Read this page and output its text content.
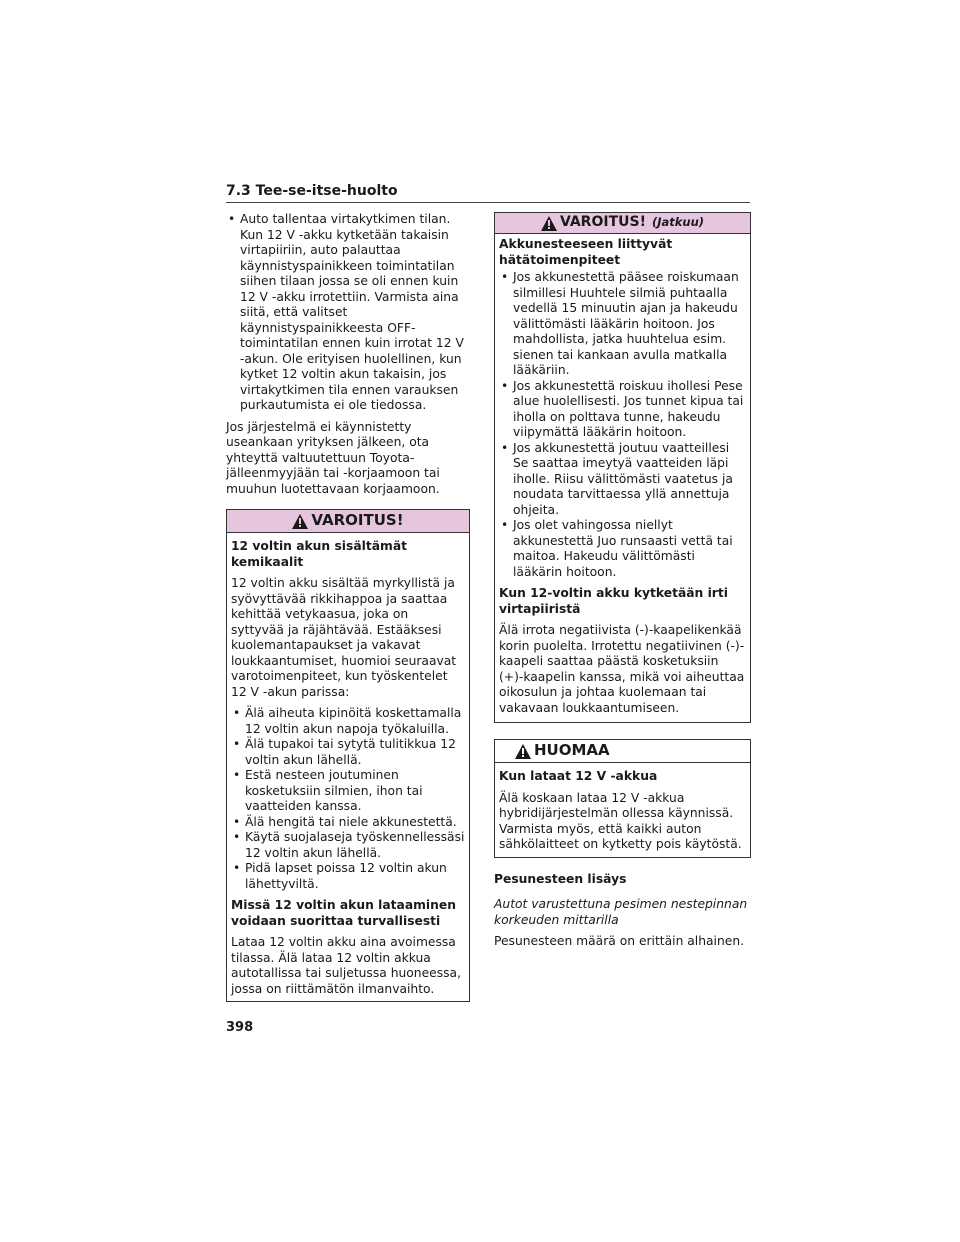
7.3 Tee-se-itse-huolto
• Auto tallentaa virtakytkimen tilan. Kun 12 V -akku kytketään takaisin virtapiiriin, auto palauttaa käynnistyspainikkeen toimintatilan siihen tilaan jossa se oli ennen kuin 12 V -akku irrotettiin. Varmista aina siitä, että valitset käynnistyspainikkeesta OFF-toimintatilan ennen kuin irrotat 12 V -akun. Ole erityisen huolellinen, kun kytket 12 voltin akun takaisin, jos virtakytkimen tila ennen varauksen purkautumista ei ole tiedossa.

Jos järjestelmä ei käynnistetty useankaan yrityksen jälkeen, ota yhteyttä valtuutettuun Toyota-jälleenmyyjään tai -korjaamoon tai muuhun luotettavaan korjaamoon.

VAROITUS!

12 voltin akun sisältämät kemikaalit

12 voltin akku sisältää myrkyllistä ja syövyttävää rikkihappoa ja saattaa kehittää vetykaasua, joka on syttyvää ja räjähtävää. Estääksesi kuolemantapaukset ja vakavat loukkaantumiset, huomioi seuraavat varotoimenpiteet, kun työskentelet 12 V -akun parissa:

• Älä aiheuta kipinöitä koskettamalla 12 voltin akun napoja työkaluilla.
• Älä tupakoi tai sytytä tulitikkua 12 voltin akun lähellä.
• Estä nesteen joutuminen kosketuksiin silmien, ihon tai vaatteiden kanssa.
• Älä hengitä tai niele akkunestettä.
• Käytä suojalaseja työskennellessäsi 12 voltin akun lähellä.
• Pidä lapset poissa 12 voltin akun lähettyviltä.

Missä 12 voltin akun lataaminen voidaan suorittaa turvallisesti

Lataa 12 voltin akku aina avoimessa tilassa. Älä lataa 12 voltin akkua autotallissa tai suljetussa huoneessa, jossa on riittämätön ilmanvaihto.

VAROITUS! (Jatkuu)

Akkunesteeseen liittyvät hätätoimenpiteet

• Jos akkunestettä pääsee roiskumaan silmillesi Huuhtele silmiä puhtaalla vedellä 15 minuutin ajan ja hakeudu välittömästi lääkärin hoitoon. Jos mahdollista, jatka huuhtelua esim. sienen tai kankaan avulla matkalla lääkäriin.
• Jos akkunestettä roiskuu ihollesi Pese alue huolellisesti. Jos tunnet kipua tai iholla on polttava tunne, hakeudu viipymättä lääkärin hoitoon.
• Jos akkunestettä joutuu vaatteillesi Se saattaa imeytyä vaatteiden läpi iholle. Riisu välittömästi vaatetus ja noudata tarvittaessa yllä annettuja ohjeita.
• Jos olet vahingossa niellyt akkunestettä Juo runsaasti vettä tai maitoa. Hakeudu välittömästi lääkärin hoitoon.

Kun 12-voltin akku kytketään irti virtapiiristä

Älä irrota negatiivista (-)-kaapelikenkää korin puolelta. Irrotettu negatiivinen (-)-kaapeli saattaa päästä kosketuksiin (+)-kaapelin kanssa, mikä voi aiheuttaa oikosulun ja johtaa kuolemaan tai vakavaan loukkaantumiseen.

HUOMAA

Kun lataat 12 V -akkua

Älä koskaan lataa 12 V -akkua hybridijärjestelmän ollessa käynnissä. Varmista myös, että kaikki auton sähkölaitteet on kytketty pois käytöstä.

Pesunesteen lisäys

Autot varustettuna pesimen nestepinnan korkeuden mittarilla

Pesunesteen määrä on erittäin alhainen.

398
